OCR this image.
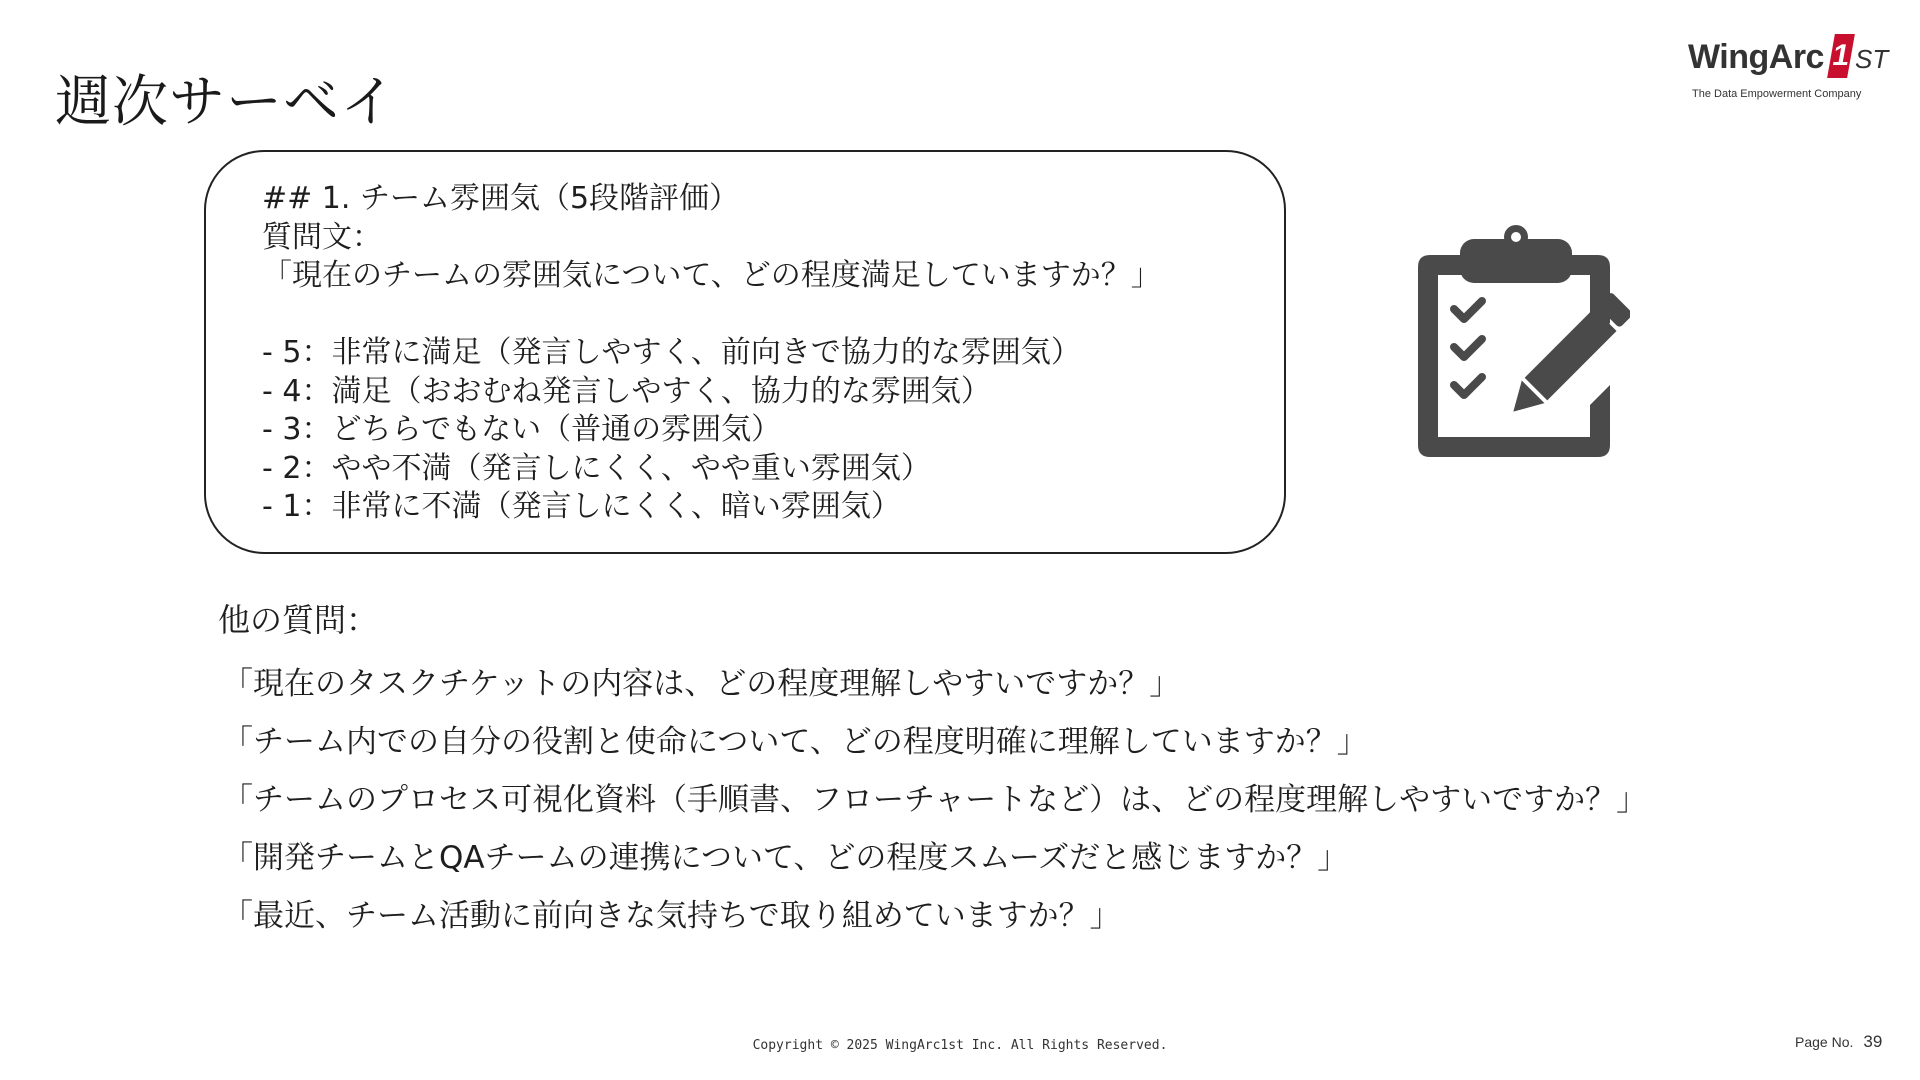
週次サーベイ
WingArc 1 ST
The Data Empowerment Company
## 1. チーム雰囲気（5段階評価）
質問文：
「現在のチームの雰囲気について、どの程度満足していますか？」
- 5：非常に満足（発言しやすく、前向きで協力的な雰囲気）
- 4：満足（おおむね発言しやすく、協力的な雰囲気）
- 3：どちらでもない（普通の雰囲気）
- 2：やや不満（発言しにくく、やや重い雰囲気）
- 1：非常に不満（発言しにくく、暗い雰囲気）
他の質問：
「現在のタスクチケットの内容は、どの程度理解しやすいですか？」
「チーム内での自分の役割と使命について、どの程度明確に理解していますか？」
「チームのプロセス可視化資料（手順書、フローチャートなど）は、どの程度理解しやすいですか？」
「開発チームとQAチームの連携について、どの程度スムーズだと感じますか？」
「最近、チーム活動に前向きな気持ちで取り組めていますか？」
Copyright © 2025 WingArc1st Inc. All Rights Reserved.	Page No. 39
